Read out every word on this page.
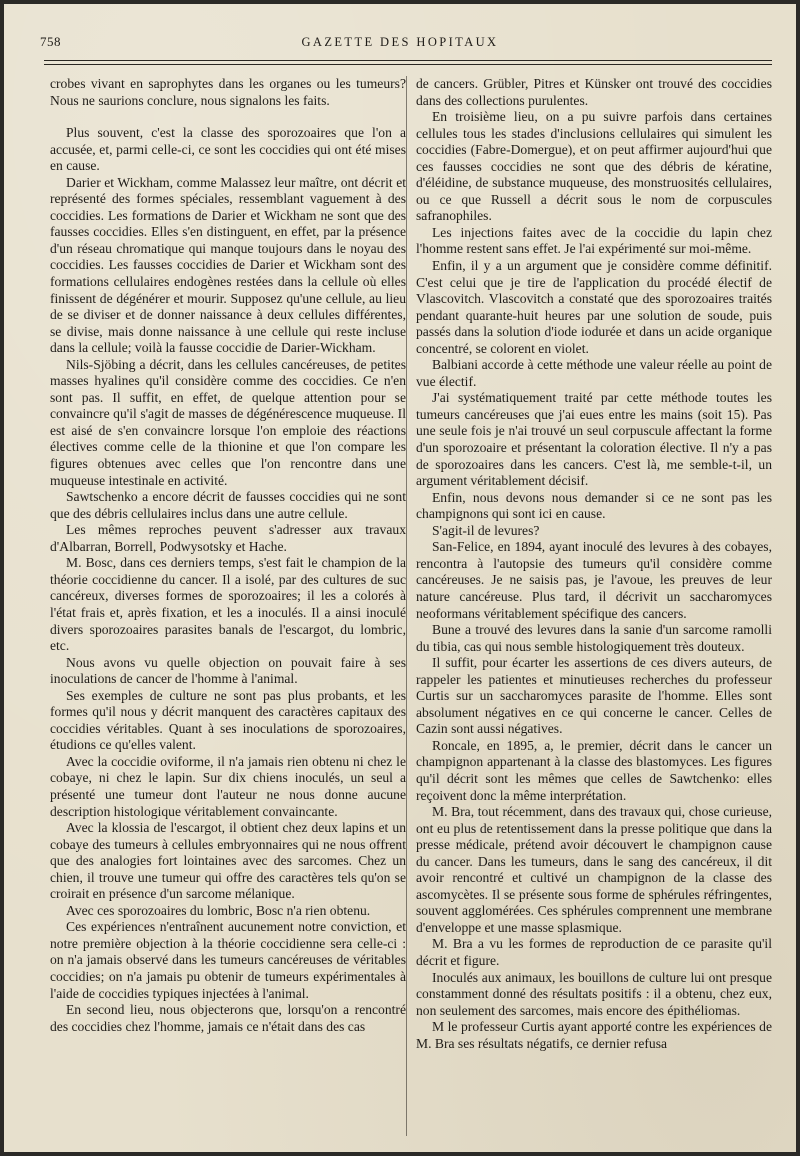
758	GAZETTE DES HOPITAUX

crobes vivant en saprophytes dans les organes ou les tumeurs? Nous ne saurions conclure, nous signalons les faits.

Plus souvent, c'est la classe des sporozoaires que l'on a accusée, et, parmi celle-ci, ce sont les coccidies qui ont été mises en cause.

Darier et Wickham, comme Malassez leur maître, ont décrit et représenté des formes spéciales, ressemblant vaguement à des coccidies. Les formations de Darier et Wickham ne sont que des fausses coccidies. Elles s'en distinguent, en effet, par la présence d'un réseau chromatique qui manque toujours dans le noyau des coccidies. Les fausses coccidies de Darier et Wickham sont des formations cellulaires endogènes restées dans la cellule où elles finissent de dégénérer et mourir. Supposez qu'une cellule, au lieu de se diviser et de donner naissance à deux cellules différentes, se divise, mais donne naissance à une cellule qui reste incluse dans la cellule; voilà la fausse coccidie de Darier-Wickham.

Nils-Sjöbing a décrit, dans les cellules cancéreuses, de petites masses hyalines qu'il considère comme des coccidies. Ce n'en sont pas. Il suffit, en effet, de quelque attention pour se convaincre qu'il s'agit de masses de dégénérescence muqueuse. Il est aisé de s'en convaincre lorsque l'on emploie des réactions électives comme celle de la thionine et que l'on compare les figures obtenues avec celles que l'on rencontre dans une muqueuse intestinale en activité.

Sawtschenko a encore décrit de fausses coccidies qui ne sont que des débris cellulaires inclus dans une autre cellule.

Les mêmes reproches peuvent s'adresser aux travaux d'Albarran, Borrell, Podwysotsky et Hache.

M. Bosc, dans ces derniers temps, s'est fait le champion de la théorie coccidienne du cancer. Il a isolé, par des cultures de suc cancéreux, diverses formes de sporozoaires; il les a colorés à l'état frais et, après fixation, et les a inoculés. Il a ainsi inoculé divers sporozoaires parasites banals de l'escargot, du lombric, etc.

Nous avons vu quelle objection on pouvait faire à ses inoculations de cancer de l'homme à l'animal.

Ses exemples de culture ne sont pas plus probants, et les formes qu'il nous y décrit manquent des caractères capitaux des coccidies véritables. Quant à ses inoculations de sporozoaires, étudions ce qu'elles valent.

Avec la coccidie oviforme, il n'a jamais rien obtenu ni chez le cobaye, ni chez le lapin. Sur dix chiens inoculés, un seul a présenté une tumeur dont l'auteur ne nous donne aucune description histologique véritablement convaincante.

Avec la klossia de l'escargot, il obtient chez deux lapins et un cobaye des tumeurs à cellules embryonnaires qui ne nous offrent que des analogies fort lointaines avec des sarcomes. Chez un chien, il trouve une tumeur qui offre des caractères tels qu'on se croirait en présence d'un sarcome mélanique.

Avec ces sporozoaires du lombric, Bosc n'a rien obtenu.

Ces expériences n'entraînent aucunement notre conviction, et notre première objection à la théorie coccidienne sera celle-ci : on n'a jamais observé dans les tumeurs cancéreuses de véritables coccidies; on n'a jamais pu obtenir de tumeurs expérimentales à l'aide de coccidies typiques injectées à l'animal.

En second lieu, nous objecterons que, lorsqu'on a rencontré des coccidies chez l'homme, jamais ce n'était dans des cas

de cancers. Grübler, Pitres et Künsker ont trouvé des coccidies dans des collections purulentes.

En troisième lieu, on a pu suivre parfois dans certaines cellules tous les stades d'inclusions cellulaires qui simulent les coccidies (Fabre-Domergue), et on peut affirmer aujourd'hui que ces fausses coccidies ne sont que des débris de kératine, d'éléidine, de substance muqueuse, des monstruosités cellulaires, ou ce que Russell a décrit sous le nom de corpuscules safranophiles.

Les injections faites avec de la coccidie du lapin chez l'homme restent sans effet. Je l'ai expérimenté sur moi-même.

Enfin, il y a un argument que je considère comme définitif. C'est celui que je tire de l'application du procédé électif de Vlascovitch. Vlascovitch a constaté que des sporozoaires traités pendant quarante-huit heures par une solution de soude, puis passés dans la solution d'iode iodurée et dans un acide organique concentré, se colorent en violet.

Balbiani accorde à cette méthode une valeur réelle au point de vue électif.

J'ai systématiquement traité par cette méthode toutes les tumeurs cancéreuses que j'ai eues entre les mains (soit 15). Pas une seule fois je n'ai trouvé un seul corpuscule affectant la forme d'un sporozoaire et présentant la coloration élective. Il n'y a pas de sporozoaires dans les cancers. C'est là, me semble-t-il, un argument véritablement décisif.

Enfin, nous devons nous demander si ce ne sont pas les champignons qui sont ici en cause.

S'agit-il de levures?

San-Felice, en 1894, ayant inoculé des levures à des cobayes, rencontra à l'autopsie des tumeurs qu'il considère comme cancéreuses. Je ne saisis pas, je l'avoue, les preuves de leur nature cancéreuse. Plus tard, il décrivit un saccharomyces neoformans véritablement spécifique des cancers.

Bune a trouvé des levures dans la sanie d'un sarcome ramolli du tibia, cas qui nous semble histologiquement très douteux.

Il suffit, pour écarter les assertions de ces divers auteurs, de rappeler les patientes et minutieuses recherches du professeur Curtis sur un saccharomyces parasite de l'homme. Elles sont absolument négatives en ce qui concerne le cancer. Celles de Cazin sont aussi négatives.

Roncale, en 1895, a, le premier, décrit dans le cancer un champignon appartenant à la classe des blastomyces. Les figures qu'il décrit sont les mêmes que celles de Sawtchenko: elles reçoivent donc la même interprétation.

M. Bra, tout récemment, dans des travaux qui, chose curieuse, ont eu plus de retentissement dans la presse politique que dans la presse médicale, prétend avoir découvert le champignon cause du cancer. Dans les tumeurs, dans le sang des cancéreux, il dit avoir rencontré et cultivé un champignon de la classe des ascomycètes. Il se présente sous forme de sphérules réfringentes, souvent agglomérées. Ces sphérules comprennent une membrane d'enveloppe et une masse splasmique.

M. Bra a vu les formes de reproduction de ce parasite qu'il décrit et figure.

Inoculés aux animaux, les bouillons de culture lui ont presque constamment donné des résultats positifs : il a obtenu, chez eux, non seulement des sarcomes, mais encore des épithéliomas.

M le professeur Curtis ayant apporté contre les expériences de M. Bra ses résultats négatifs, ce dernier refusa
